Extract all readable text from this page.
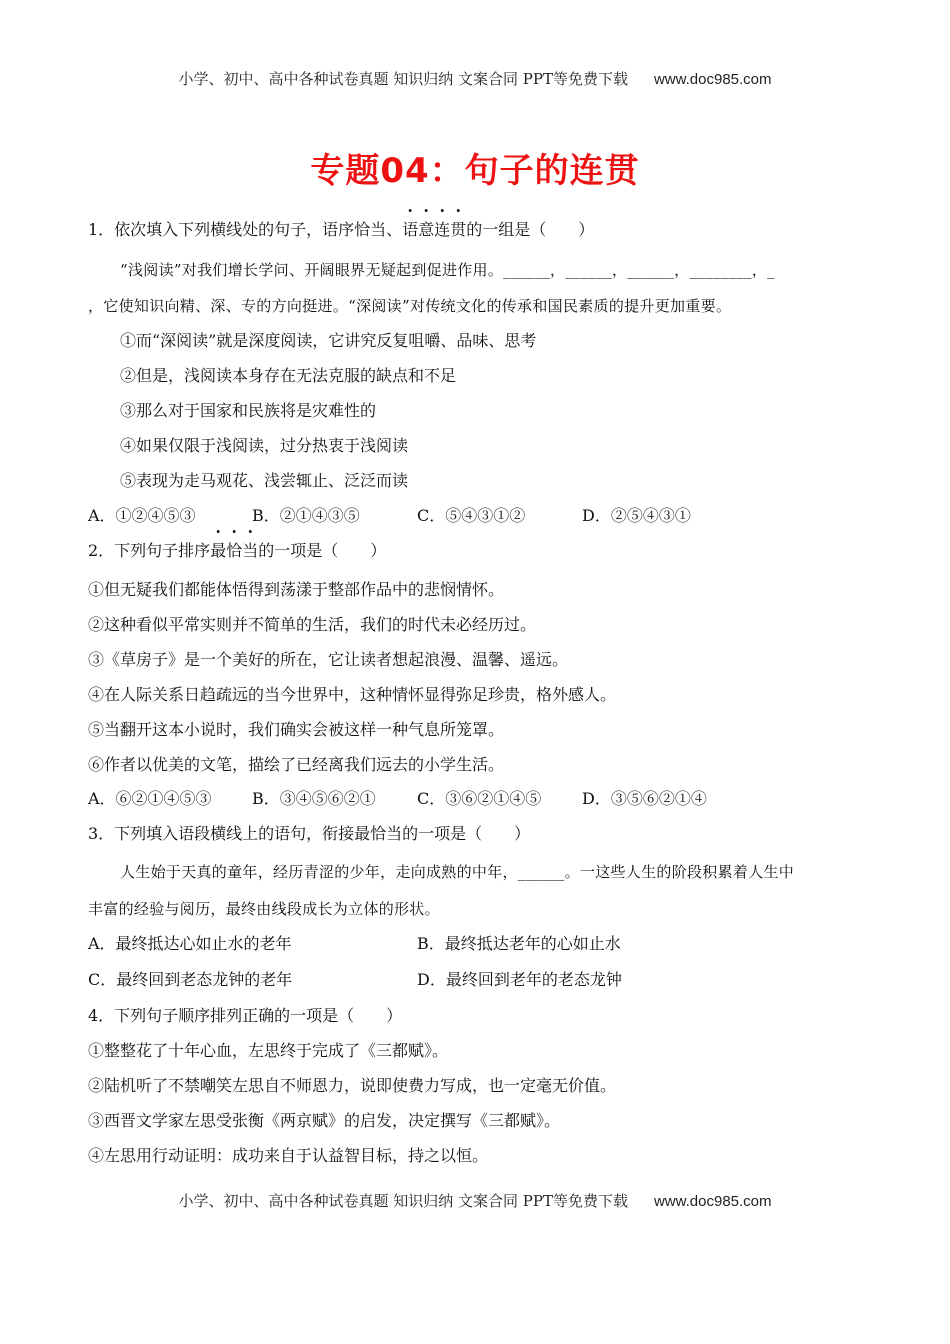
小学、初中、高中各种试卷真题 知识归纳 文案合同 PPT等免费下载 www.doc985.com
专题04：句子的连贯
1．依次填入下列横线处的句子，语序恰当、语意连贯的一组是（　　）
“浅阅读”对我们增长学问、开阔眼界无疑起到促进作用。______，______，______，________，_
，它使知识向精、深、专的方向挺进。“深阅读”对传统文化的传承和国民素质的提升更加重要。
①而“深阅读”就是深度阅读，它讲究反复咀嚼、品味、思考
②但是，浅阅读本身存在无法克服的缺点和不足
③那么对于国家和民族将是灾难性的
④如果仅限于浅阅读，过分热衷于浅阅读
⑤表现为走马观花、浅尝辄止、泛泛而读
A．①②④⑤③	B．②①④③⑤	C．⑤④③①②	D．②⑤④③①
2．下列句子排序最恰当的一项是（　　）
①但无疑我们都能体悟得到荡漾于整部作品中的悲悯情怀。
②这种看似平常实则并不简单的生活，我们的时代未必经历过。
③《草房子》是一个美好的所在，它让读者想起浪漫、温馨、遥远。
④在人际关系日趋疏远的当今世界中，这种情怀显得弥足珍贵，格外感人。
⑤当翻开这本小说时，我们确实会被这样一种气息所笼罩。
⑥作者以优美的文笔，描绘了已经离我们远去的小学生活。
A．⑥②①④⑤③	B．③④⑤⑥②①	C．③⑥②①④⑤	D．③⑤⑥②①④
3．下列填入语段横线上的语句，衔接最恰当的一项是（　　）
人生始于天真的童年，经历青涩的少年，走向成熟的中年，______。一这些人生的阶段积累着人生中
丰富的经验与阅历，最终由线段成长为立体的形状。
A．最终抵达心如止水的老年	B．最终抵达老年的心如止水
C．最终回到老态龙钟的老年	D．最终回到老年的老态龙钟
4．下列句子顺序排列正确的一项是（　　）
①整整花了十年心血，左思终于完成了《三都赋》。
②陆机听了不禁嘲笑左思自不师恩力，说即使费力写成，也一定毫无价值。
③西晋文学家左思受张衡《两京赋》的启发，决定撰写《三都赋》。
④左思用行动证明：成功来自于认益智目标，持之以恒。
小学、初中、高中各种试卷真题 知识归纳 文案合同 PPT等免费下载 www.doc985.com
